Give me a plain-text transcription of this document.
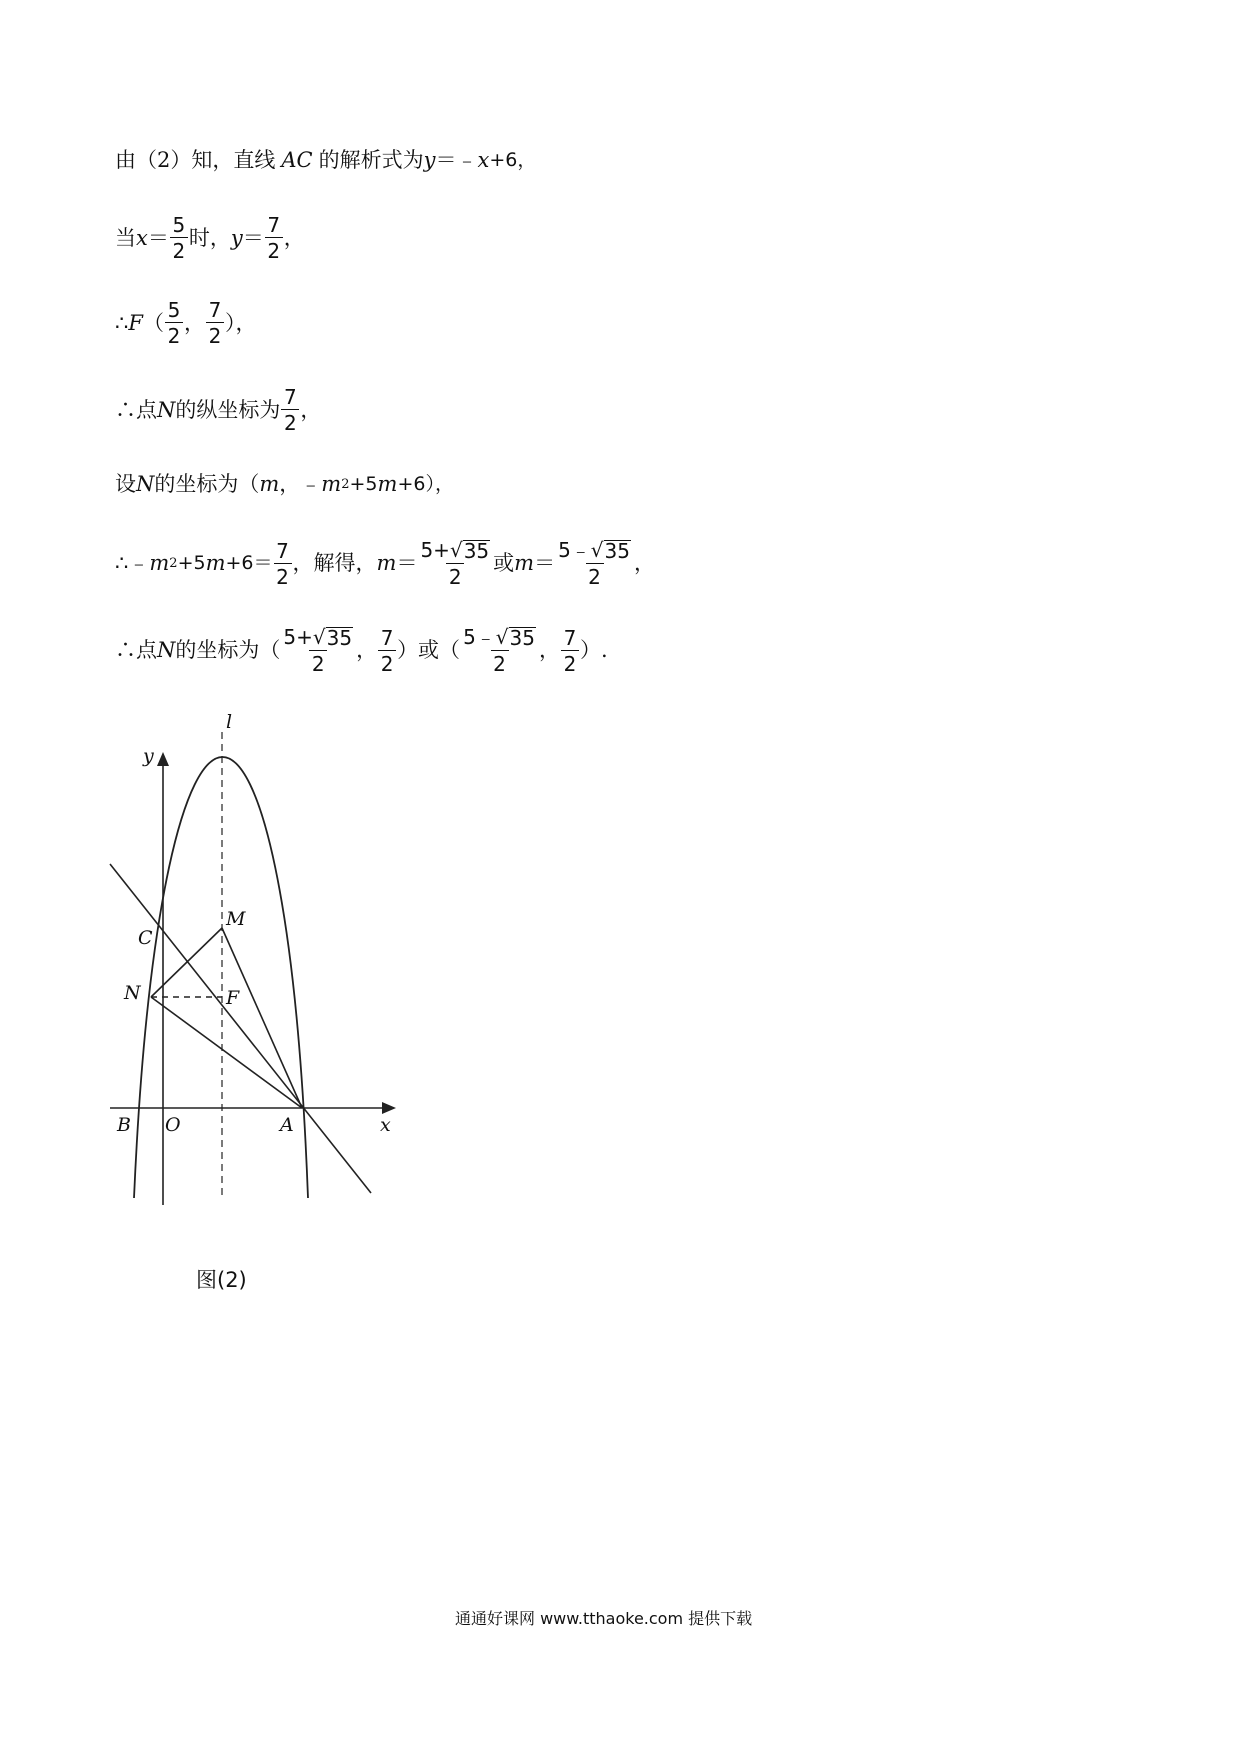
由（2）知，直线 AC 的解析式为 y ＝﹣ x +6，
当 $x = \frac{5}{2}$ 时， $y = \frac{7}{2}$ ，
∴ F （ $\frac{5}{2}$ ， $\frac{7}{2}$ ），
∴点 N 的纵坐标为 $\frac{7}{2}$ ，
设 N 的坐标为（ m ，﹣ m 2 +5 m +6），
∴﹣ m 2 +5 $m +6= \frac{7}{2}$ ，解得， $m = \frac{5+ √ 35}{2}$ 或 $m = \frac{5﹣ √ 35}{2}$ ，
∴点 N 的坐标为（ $\frac{5+ √ 35}{2}$ ， $\frac{7}{2}$ ）或（ $\frac{5﹣ √ 35}{2}$ ， $\frac{7}{2}$ ）.
l
y
x
C
M
N	F
B O	A
图(2)
通通好课网 www.tthaoke.com 提供下载
